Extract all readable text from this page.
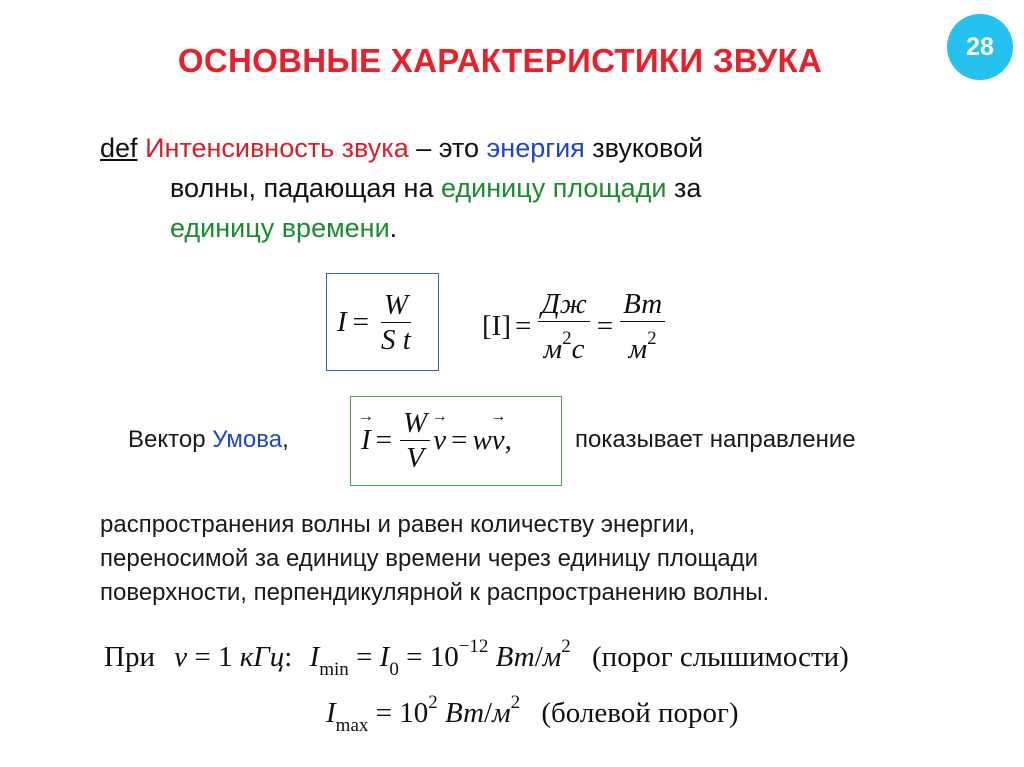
ОСНОВНЫЕ ХАРАКТЕРИСТИКИ ЗВУКА	28
def Интенсивность звука – это энергия звуковой
волны, падающая на единицу площади за
единицу времени.
$I = \frac{W}{\text{S t}} [I] = \frac{Дж}{м^2с} = \frac{Вт}{м^2}$
Вектор Умова,
→ $I = \frac{W}{V}$
→ v = w
→ v ,	показывает направление
распространения волны и равен количеству энергии,
переносимой за единицу времени через единицу площади
поверхности, перпендикулярной к распространению волны.
При ν = 1 кГц: $I_{min} = I_0 = 10^{-12}$ $Вт/м^2$ (порог слышимости)
$I_{max} = 10^2$ $Вт/м^2$ (болевой порог)
